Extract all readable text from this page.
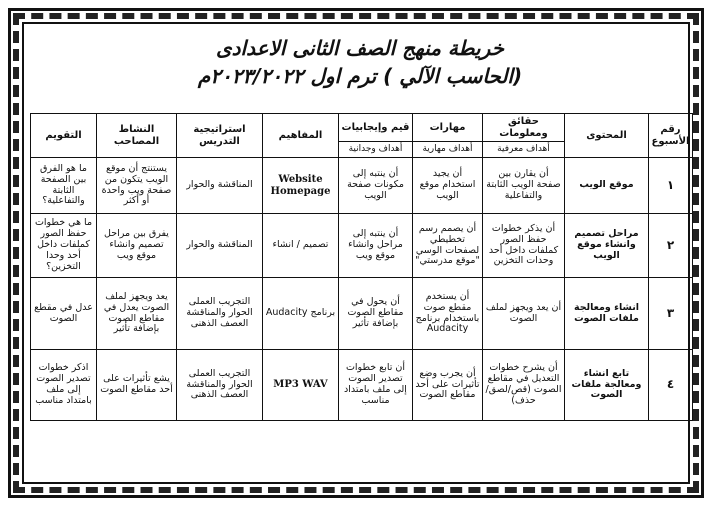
خريطة منهج الصف الثانى الاعدادى
(الحاسب الآلي ) ترم اول ٢٠٢٣/٢٠٢٢م
رقم الأسبوع	المحتوى	حقائق ومعلومات	مهارات	قيم وإيجابيات	المفاهيم	استراتيجية التدريس	النشاط المصاحب	التقويم
		أهداف معرفية	أهداف مهارية	أهداف وجدانية				
١	موقع الويب	أن يقارن بين صفحة الويب الثابتة والتفاعلية	أن يجيد استخدام موقع الويب	أن ينتبه إلى مكونات صفحة الويب	Website Homepage	المناقشة والحوار	يستنتج أن موقع الويب يتكون من صفحة ويب واحدة أو أكثر	ما هو الفرق بين الصفحة الثابتة والتفاعلية؟
٢	مراحل تصميم وانشاء موقع الويب	أن يذكر خطوات حفظ الصور كملفات داخل أحد وحدات التخزين	أن يصمم رسم تخطيطي لصفحات الوسي "موقع مدرستي"	أن ينتبه إلى مراحل وانشاء موقع ويب	تصميم / انشاء	المناقشة والحوار	يفرق بين مراحل تصميم وانشاء موقع ويب	ما هي خطوات حفظ الصور كملفات داخل أحد وحدا التخزين؟
٣	انشاء ومعالجة ملفات الصوت	أن يعد ويجهز لملف الصوت	أن يستخدم مقطع صوت باستخدام برنامج Audacity	أن يحول في مقاطع الصوت بإضافة تأثير	برنامج Audacity	التجريب العملى الحوار والمناقشة العصف الذهنى	يعد ويجهز لملف الصوت يعدل في مقاطع الصوت بإضافة تأثير	عدل في مقطع الصوت
٤	تابع انشاء ومعالجة ملفات الصوت	أن يشرح خطوات التعديل في مقاطع الصوت (قص/لصق/حذف)	أن يجرب وضع تأثيرات على أحد مقاطع الصوت	أن تابع خطوات تصدير الصوت إلى ملف بامتداد مناسب	MP3 WAV	التجريب العملى الحوار والمناقشة العصف الذهنى	يشع تأثيرات على أحد مقاطع الصوت	اذكر خطوات تصدير الصوت إلى ملف بامتداد مناسب
